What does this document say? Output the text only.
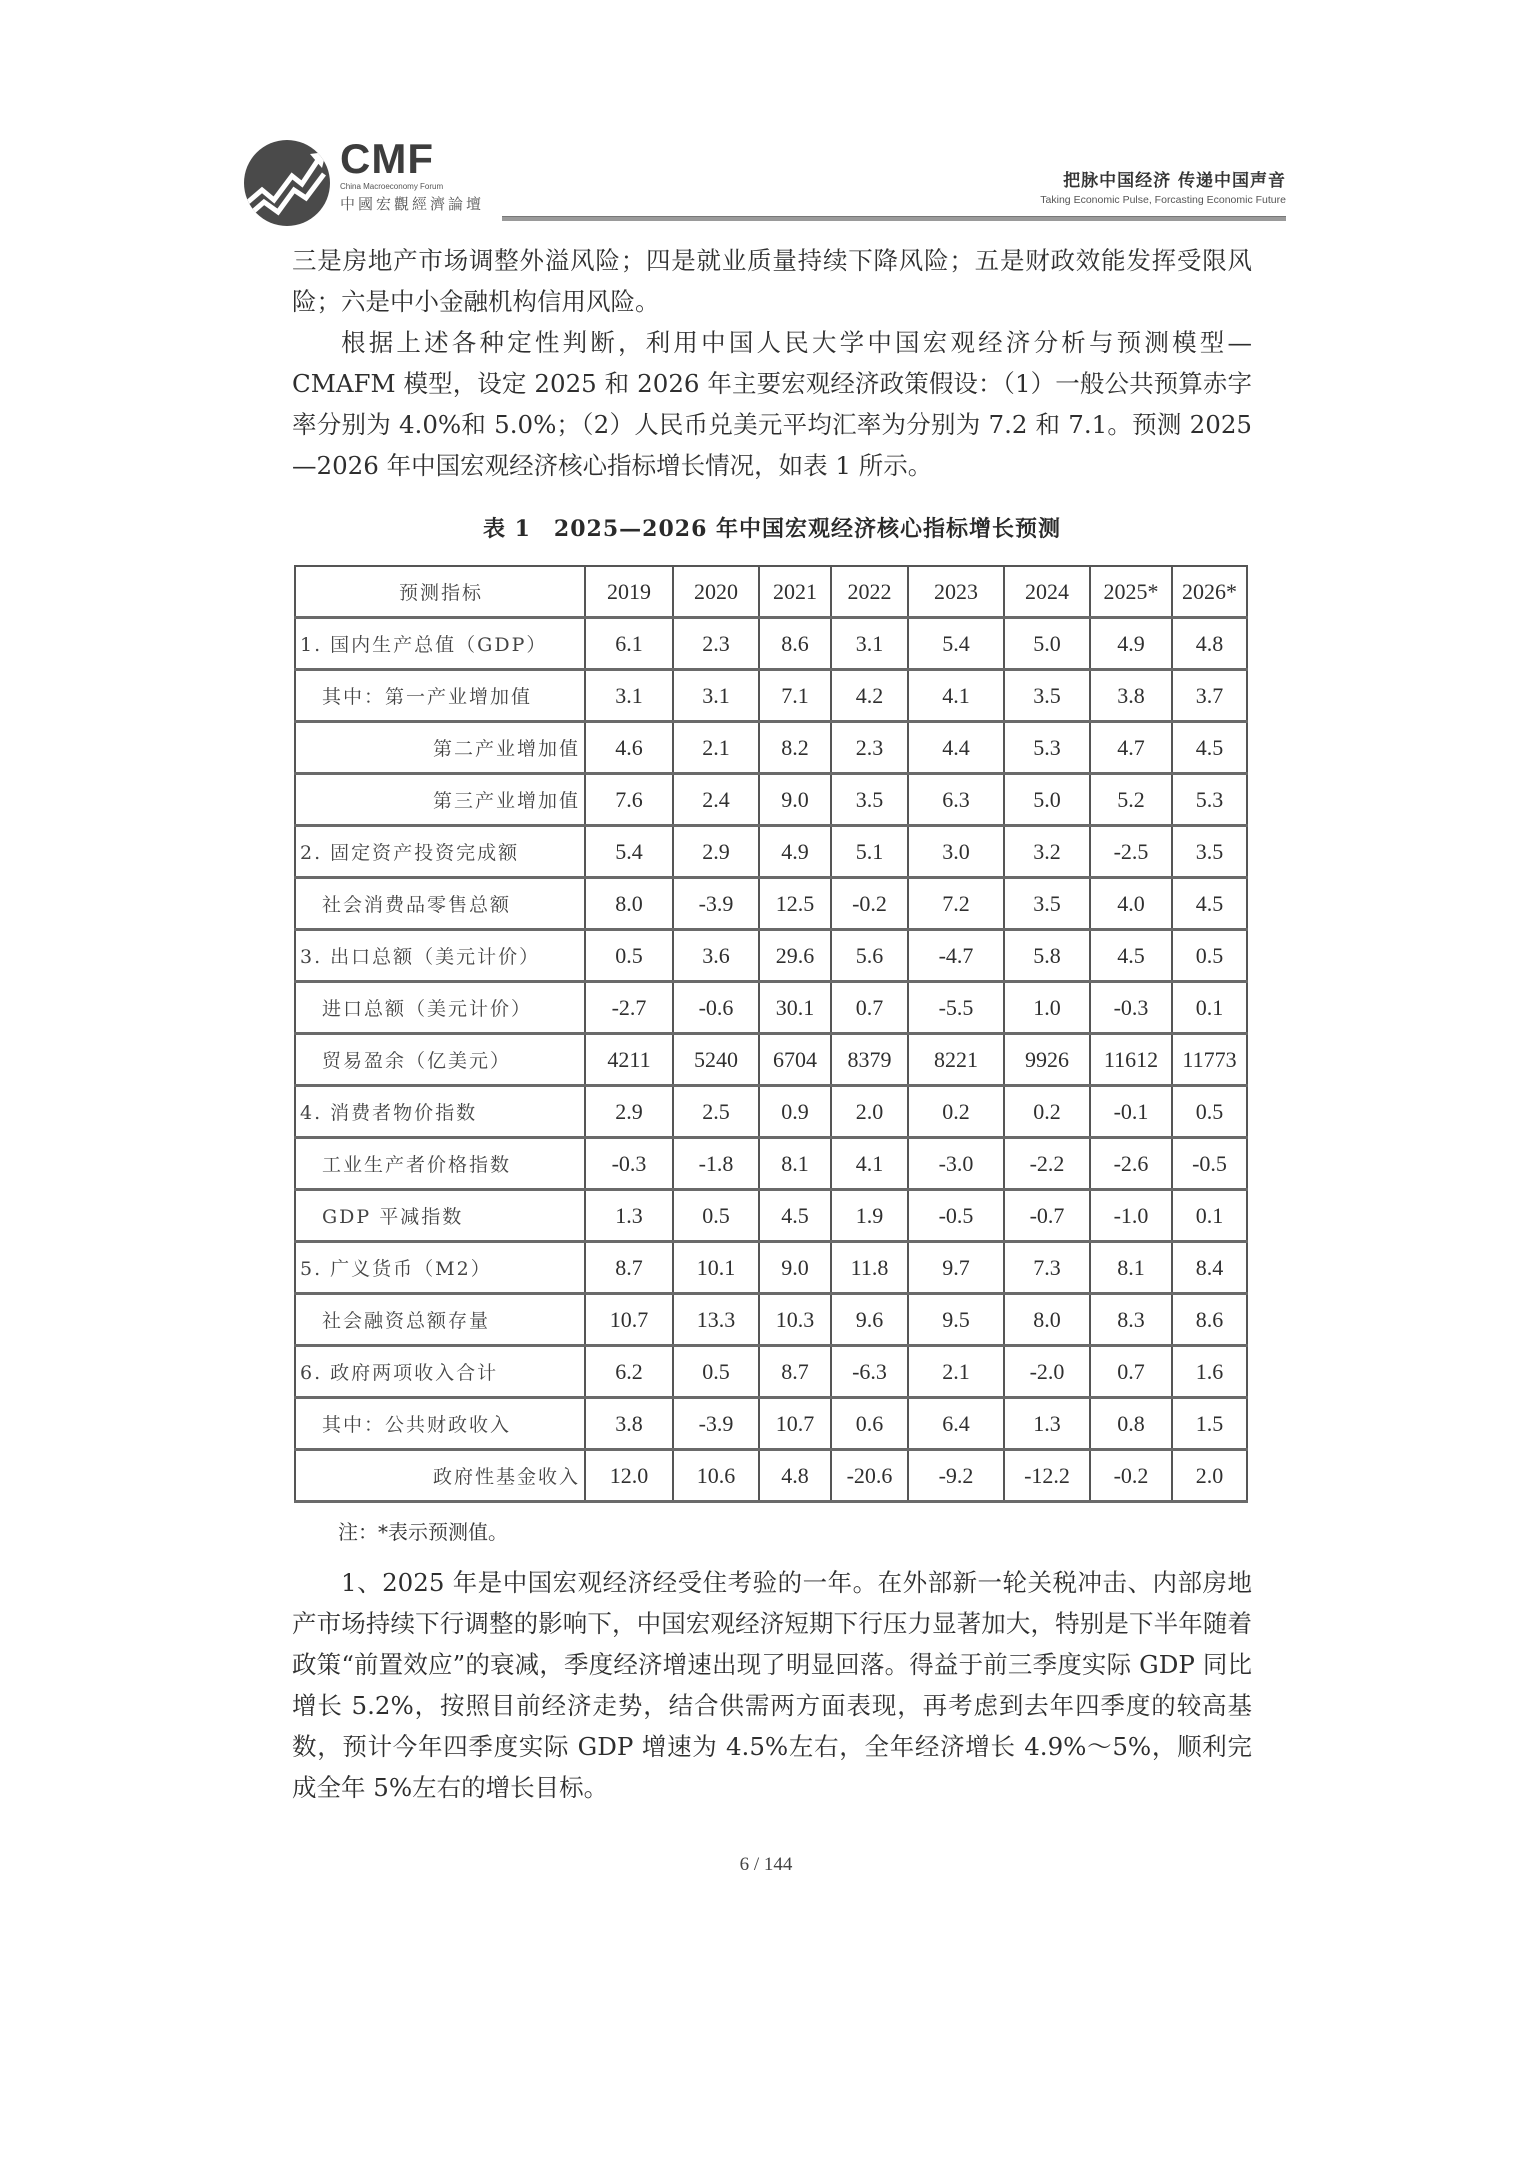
CMF
China Macroeconomy Forum
中國宏觀經濟論壇
把脉中国经济 传递中国声音
Taking Economic Pulse, Forcasting Economic Future

三是房地产市场调整外溢风险；四是就业质量持续下降风险；五是财政效能发挥受限风险；六是中小金融机构信用风险。

根据上述各种定性判断，利用中国人民大学中国宏观经济分析与预测模型—CMAFM 模型，设定 2025 和 2026 年主要宏观经济政策假设：（1）一般公共预算赤字率分别为 4.0%和 5.0%；（2）人民币兑美元平均汇率为分别为 7.2 和 7.1。预测 2025—2026 年中国宏观经济核心指标增长情况，如表 1 所示。

表 1　2025—2026 年中国宏观经济核心指标增长预测
预测指标	2019	2020	2021	2022	2023	2024	2025*	2026*
1. 国内生产总值（GDP）	6.1	2.3	8.6	3.1	5.4	5.0	4.9	4.8
其中：第一产业增加值	3.1	3.1	7.1	4.2	4.1	3.5	3.8	3.7
第二产业增加值	4.6	2.1	8.2	2.3	4.4	5.3	4.7	4.5
第三产业增加值	7.6	2.4	9.0	3.5	6.3	5.0	5.2	5.3
2. 固定资产投资完成额	5.4	2.9	4.9	5.1	3.0	3.2	-2.5	3.5
社会消费品零售总额	8.0	-3.9	12.5	-0.2	7.2	3.5	4.0	4.5
3. 出口总额（美元计价）	0.5	3.6	29.6	5.6	-4.7	5.8	4.5	0.5
进口总额（美元计价）	-2.7	-0.6	30.1	0.7	-5.5	1.0	-0.3	0.1
贸易盈余（亿美元）	4211	5240	6704	8379	8221	9926	11612	11773
4. 消费者物价指数	2.9	2.5	0.9	2.0	0.2	0.2	-0.1	0.5
工业生产者价格指数	-0.3	-1.8	8.1	4.1	-3.0	-2.2	-2.6	-0.5
GDP 平减指数	1.3	0.5	4.5	1.9	-0.5	-0.7	-1.0	0.1
5. 广义货币（M2）	8.7	10.1	9.0	11.8	9.7	7.3	8.1	8.4
社会融资总额存量	10.7	13.3	10.3	9.6	9.5	8.0	8.3	8.6
6. 政府两项收入合计	6.2	0.5	8.7	-6.3	2.1	-2.0	0.7	1.6
其中：公共财政收入	3.8	-3.9	10.7	0.6	6.4	1.3	0.8	1.5
政府性基金收入	12.0	10.6	4.8	-20.6	-9.2	-12.2	-0.2	2.0
注：*表示预测值。

1、2025 年是中国宏观经济经受住考验的一年。在外部新一轮关税冲击、内部房地产市场持续下行调整的影响下，中国宏观经济短期下行压力显著加大，特别是下半年随着政策“前置效应”的衰减，季度经济增速出现了明显回落。得益于前三季度实际 GDP 同比增长 5.2%，按照目前经济走势，结合供需两方面表现，再考虑到去年四季度的较高基数，预计今年四季度实际 GDP 增速为 4.5%左右，全年经济增长 4.9%～5%，顺利完成全年 5%左右的增长目标。

6 / 144
